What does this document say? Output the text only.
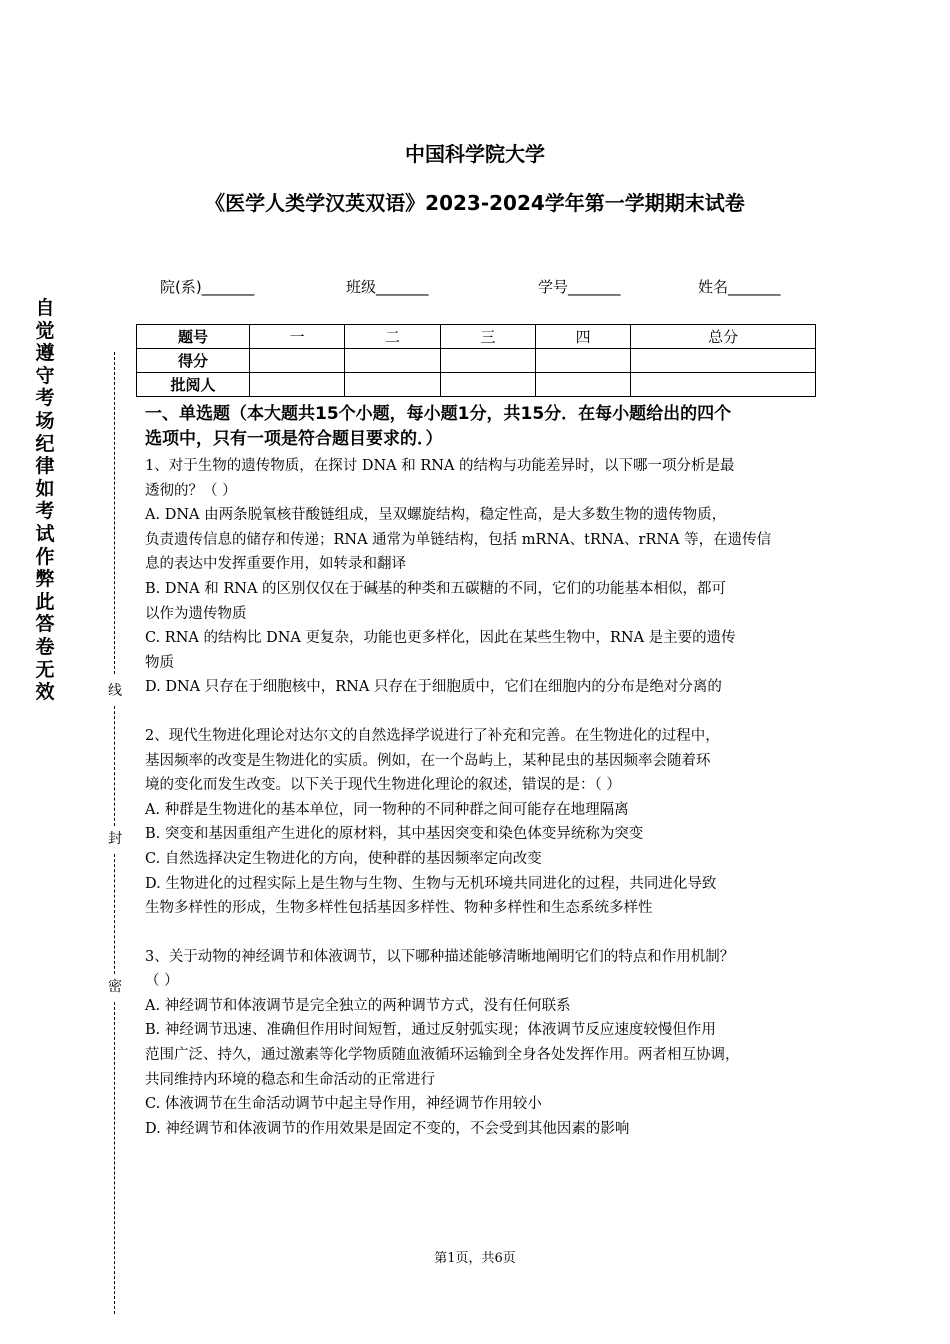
中国科学院大学
《医学人类学汉英双语》2023-2024学年第一学期期末试卷
院(系)_______	班级_______	学号_______	姓名_______
题号	一	二	三	四	总分
得分					
批阅人					
自觉遵守考场纪律如考试作弊此答卷无效	线
封
密
一、单选题（本大题共15个小题，每小题1分，共15分．在每小题给出的四个
选项中，只有一项是符合题目要求的．）

1、对于生物的遗传物质，在探讨 DNA 和 RNA 的结构与功能差异时，以下哪一项分析是最

透彻的？（ ）

A. DNA 由两条脱氧核苷酸链组成，呈双螺旋结构，稳定性高，是大多数生物的遗传物质，

负责遗传信息的储存和传递；RNA 通常为单链结构，包括 mRNA、tRNA、rRNA 等，在遗传信

息的表达中发挥重要作用，如转录和翻译

B. DNA 和 RNA 的区别仅仅在于碱基的种类和五碳糖的不同，它们的功能基本相似，都可

以作为遗传物质

C. RNA 的结构比 DNA 更复杂，功能也更多样化，因此在某些生物中，RNA 是主要的遗传

物质

D. DNA 只存在于细胞核中，RNA 只存在于细胞质中，它们在细胞内的分布是绝对分离的

2、现代生物进化理论对达尔文的自然选择学说进行了补充和完善。在生物进化的过程中，

基因频率的改变是生物进化的实质。例如，在一个岛屿上，某种昆虫的基因频率会随着环

境的变化而发生改变。以下关于现代生物进化理论的叙述，错误的是：（ ）

A. 种群是生物进化的基本单位，同一物种的不同种群之间可能存在地理隔离

B. 突变和基因重组产生进化的原材料，其中基因突变和染色体变异统称为突变

C. 自然选择决定生物进化的方向，使种群的基因频率定向改变

D. 生物进化的过程实际上是生物与生物、生物与无机环境共同进化的过程，共同进化导致

生物多样性的形成，生物多样性包括基因多样性、物种多样性和生态系统多样性

3、关于动物的神经调节和体液调节，以下哪种描述能够清晰地阐明它们的特点和作用机制？

（ ）

A. 神经调节和体液调节是完全独立的两种调节方式，没有任何联系

B. 神经调节迅速、准确但作用时间短暂，通过反射弧实现；体液调节反应速度较慢但作用

范围广泛、持久，通过激素等化学物质随血液循环运输到全身各处发挥作用。两者相互协调，

共同维持内环境的稳态和生命活动的正常进行

C. 体液调节在生命活动调节中起主导作用，神经调节作用较小

D. 神经调节和体液调节的作用效果是固定不变的，不会受到其他因素的影响

第1页，共6页
